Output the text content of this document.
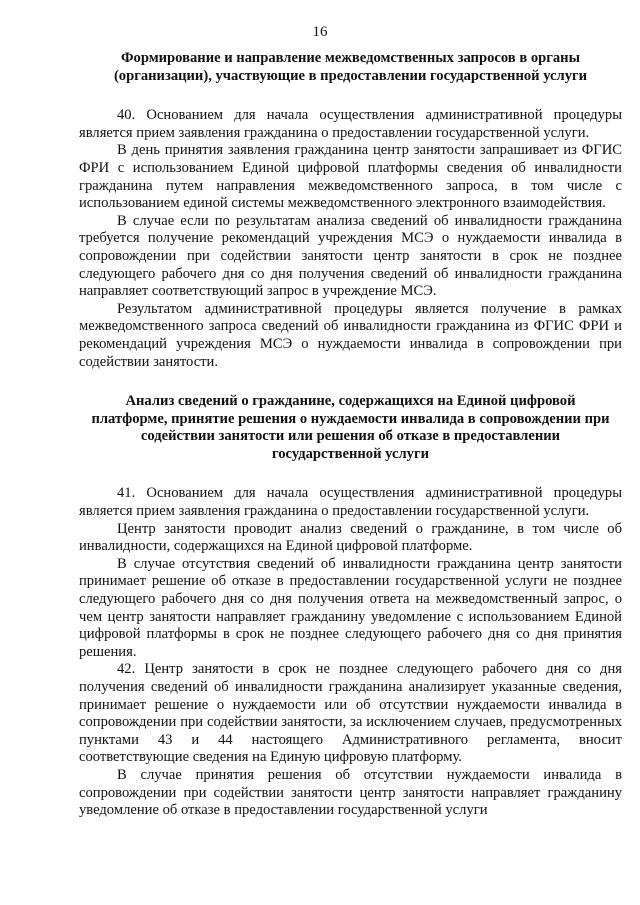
16
Формирование и направление межведомственных запросов в органы (организации), участвующие в предоставлении государственной услуги

40. Основанием для начала осуществления административной процедуры является прием заявления гражданина о предоставлении государственной услуги.

В день принятия заявления гражданина центр занятости запрашивает из ФГИС ФРИ с использованием Единой цифровой платформы сведения об инвалидности гражданина путем направления межведомственного запроса, в том числе с использованием единой системы межведомственного электронного взаимодействия.

В случае если по результатам анализа сведений об инвалидности гражданина требуется получение рекомендаций учреждения МСЭ о нуждаемости инвалида в сопровождении при содействии занятости центр занятости в срок не позднее следующего рабочего дня со дня получения сведений об инвалидности гражданина направляет соответствующий запрос в учреждение МСЭ.

Результатом административной процедуры является получение в рамках межведомственного запроса сведений об инвалидности гражданина из ФГИС ФРИ и рекомендаций учреждения МСЭ о нуждаемости инвалида в сопровождении при содействии занятости.

Анализ сведений о гражданине, содержащихся на Единой цифровой платформе, принятие решения о нуждаемости инвалида в сопровождении при содействии занятости или решения об отказе в предоставлении государственной услуги

41. Основанием для начала осуществления административной процедуры является прием заявления гражданина о предоставлении государственной услуги.

Центр занятости проводит анализ сведений о гражданине, в том числе об инвалидности, содержащихся на Единой цифровой платформе.

В случае отсутствия сведений об инвалидности гражданина центр занятости принимает решение об отказе в предоставлении государственной услуги не позднее следующего рабочего дня со дня получения ответа на межведомственный запрос, о чем центр занятости направляет гражданину уведомление с использованием Единой цифровой платформы в срок не позднее следующего рабочего дня со дня принятия решения.

42. Центр занятости в срок не позднее следующего рабочего дня со дня получения сведений об инвалидности гражданина анализирует указанные сведения, принимает решение о нуждаемости или об отсутствии нуждаемости инвалида в сопровождении при содействии занятости, за исключением случаев, предусмотренных пунктами 43 и 44 настоящего Административного регламента, вносит соответствующие сведения на Единую цифровую платформу.

В случае принятия решения об отсутствии нуждаемости инвалида в сопровождении при содействии занятости центр занятости направляет гражданину уведомление об отказе в предоставлении государственной услуги
